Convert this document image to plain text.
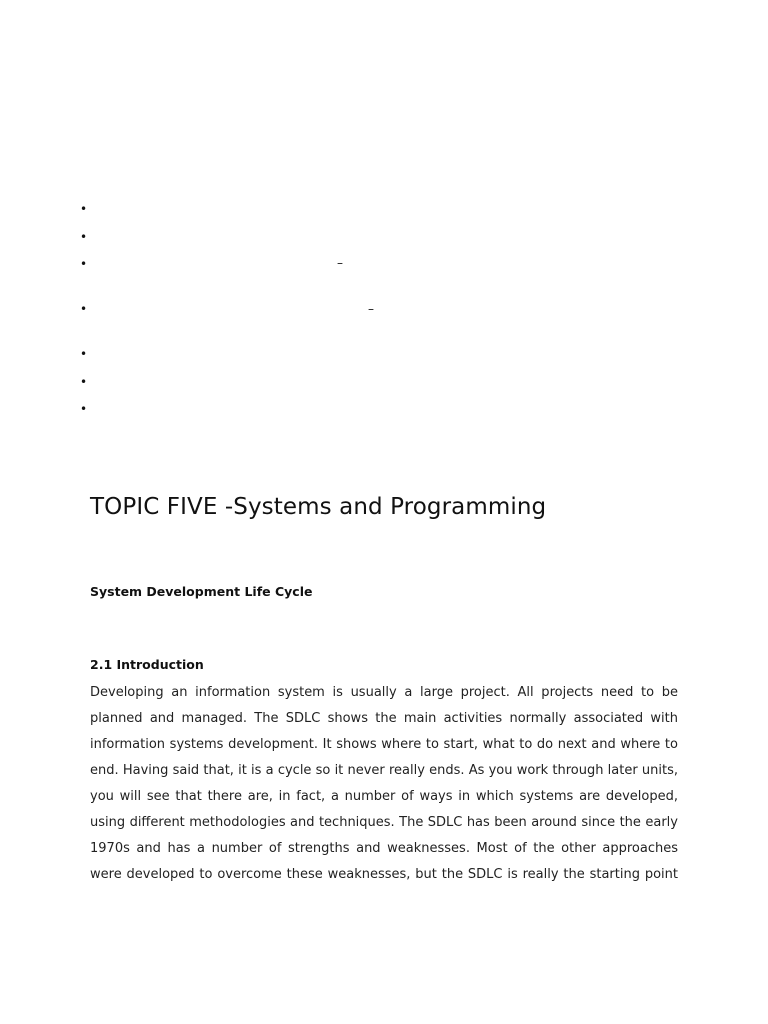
•
•
•	–
•	–
•
•
•
TOPIC FIVE -Systems and Programming
System Development Life Cycle
2.1 Introduction
Developing an information system is usually a large project. All projects need to be
planned and managed. The SDLC shows the main activities normally associated with
information systems development. It shows where to start, what to do next and where to
end. Having said that, it is a cycle so it never really ends. As you work through later units,
you will see that there are, in fact, a number of ways in which systems are developed,
using different methodologies and techniques. The SDLC has been around since the early
1970s and has a number of strengths and weaknesses. Most of the other approaches
were developed to overcome these weaknesses, but the SDLC is really the starting point
